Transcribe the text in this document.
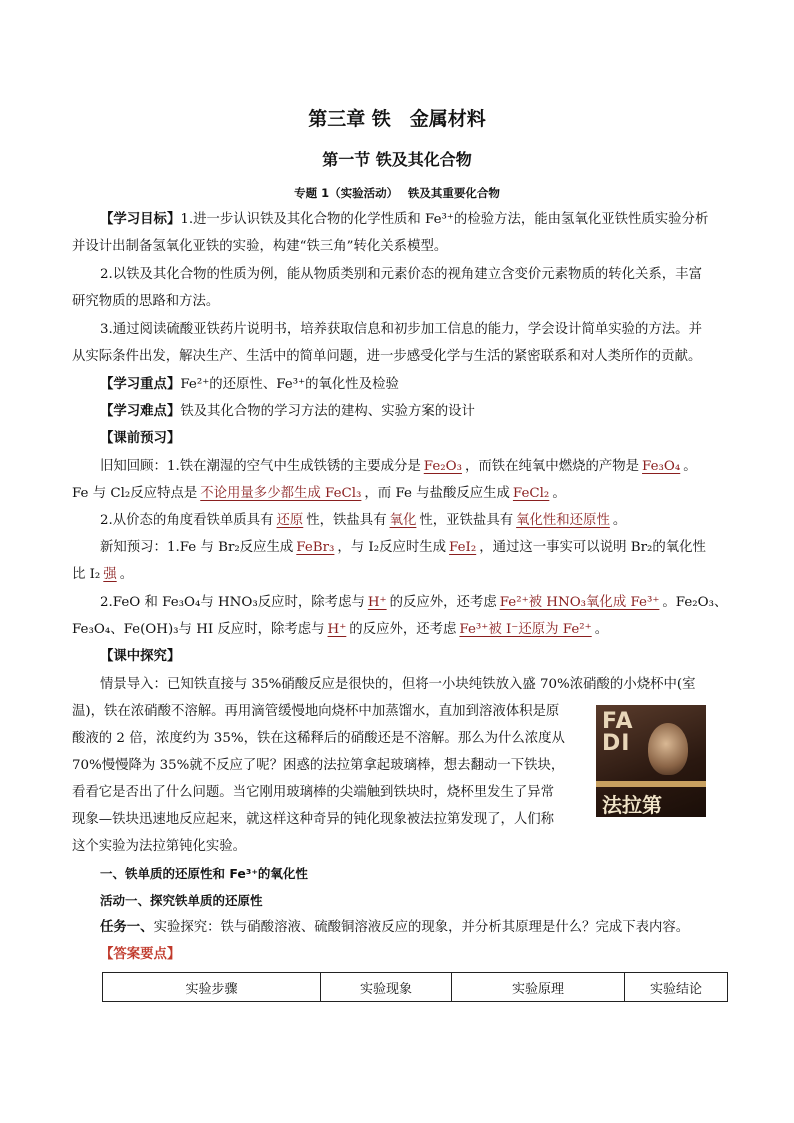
第三章 铁　金属材料
第一节 铁及其化合物
专题 1（实验活动）　 铁及其重要化合物
【学习目标】1.进一步认识铁及其化合物的化学性质和 Fe³⁺的检验方法，能由氢氧化亚铁性质实验分析
并设计出制备氢氧化亚铁的实验，构建“铁三角”转化关系模型。
2.以铁及其化合物的性质为例，能从物质类别和元素价态的视角建立含变价元素物质的转化关系，丰富
研究物质的思路和方法。
3.通过阅读硫酸亚铁药片说明书，培养获取信息和初步加工信息的能力，学会设计简单实验的方法。并
从实际条件出发，解决生产、生活中的简单问题，进一步感受化学与生活的紧密联系和对人类所作的贡献。
【学习重点】Fe²⁺的还原性、Fe³⁺的氧化性及检验
【学习难点】铁及其化合物的学习方法的建构、实验方案的设计
【课前预习】
旧知回顾：1.铁在潮湿的空气中生成铁锈的主要成分是 Fe₂O₃ ，而铁在纯氧中燃烧的产物是 Fe₃O₄ 。
Fe 与 Cl₂反应特点是 不论用量多少都生成 FeCl₃ ，而 Fe 与盐酸反应生成 FeCl₂ 。
2.从价态的角度看铁单质具有 还原 性，铁盐具有 氧化 性，亚铁盐具有 氧化性和还原性 。
新知预习：1.Fe 与 Br₂反应生成 FeBr₃ ，与 I₂反应时生成 FeI₂ ，通过这一事实可以说明 Br₂的氧化性
比 I₂ 强 。
2.FeO 和 Fe₃O₄与 HNO₃反应时，除考虑与 H⁺ 的反应外，还考虑 Fe²⁺被 HNO₃氧化成 Fe³⁺ 。Fe₂O₃、
Fe₃O₄、Fe(OH)₃与 HI 反应时，除考虑与 H⁺ 的反应外，还考虑 Fe³⁺被 I⁻还原为 Fe²⁺ 。
【课中探究】
情景导入：已知铁直接与 35%硝酸反应是很快的，但将一小块纯铁放入盛 70%浓硝酸的小烧杯中(室
温)，铁在浓硝酸不溶解。再用滴管缓慢地向烧杯中加蒸馏水，直加到溶液体积是原
酸液的 2 倍，浓度约为 35%，铁在这稀释后的硝酸还是不溶解。那么为什么浓度从
70%慢慢降为 35%就不反应了呢？困惑的法拉第拿起玻璃棒，想去翻动一下铁块，
看看它是否出了什么问题。当它刚用玻璃棒的尖端触到铁块时，烧杯里发生了异常
现象—铁块迅速地反应起来，就这样这种奇异的钝化现象被法拉第发现了，人们称
这个实验为法拉第钝化实验。
FA
DI
法拉第
一、铁单质的还原性和 Fe³⁺的氧化性
活动一、探究铁单质的还原性
任务一、实验探究：铁与硝酸溶液、硫酸铜溶液反应的现象，并分析其原理是什么？完成下表内容。
【答案要点】
实验步骤	实验现象	实验原理	实验结论
